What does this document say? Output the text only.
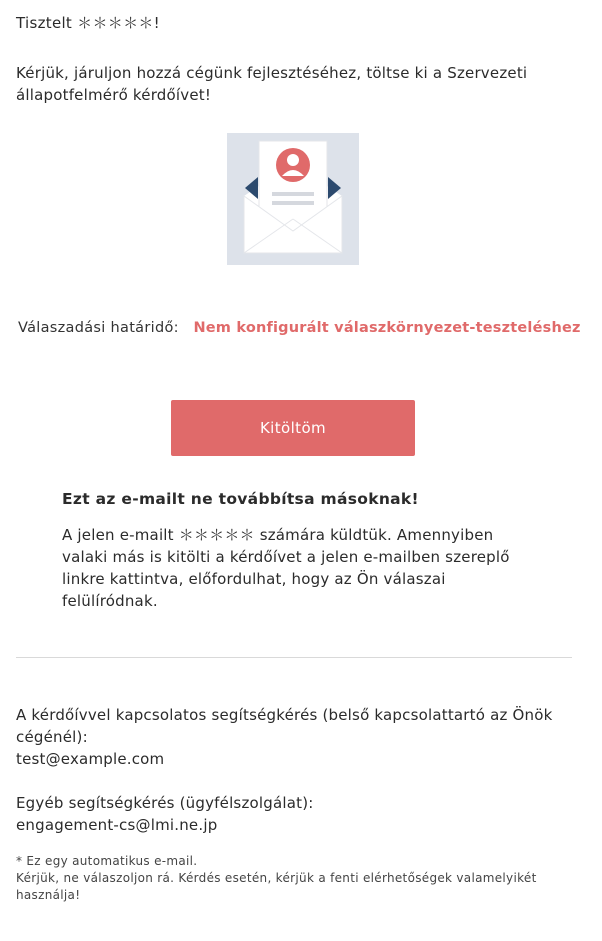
Tisztelt ＊＊＊＊＊!
Kérjük, járuljon hozzá cégünk fejlesztéséhez, töltse ki a Szervezeti állapotfelmérő kérdőívet!
Válaszadási határidő: Nem konfigurált válaszkörnyezet-teszteléshez
Kitöltöm
Ezt az e-mailt ne továbbítsa másoknak!
A jelen e-mailt ＊＊＊＊＊ számára küldtük. Amennyiben valaki más is kitölti a kérdőívet a jelen e-mailben szereplő linkre kattintva, előfordulhat, hogy az Ön válaszai felülíródnak.
A kérdőívvel kapcsolatos segítségkérés (belső kapcsolattartó az Önök cégénél):
test@example.com
Egyéb segítségkérés (ügyfélszolgálat):
engagement-cs@lmi.ne.jp
* Ez egy automatikus e-mail.
Kérjük, ne válaszoljon rá. Kérdés esetén, kérjük a fenti elérhetőségek valamelyikét használja!
